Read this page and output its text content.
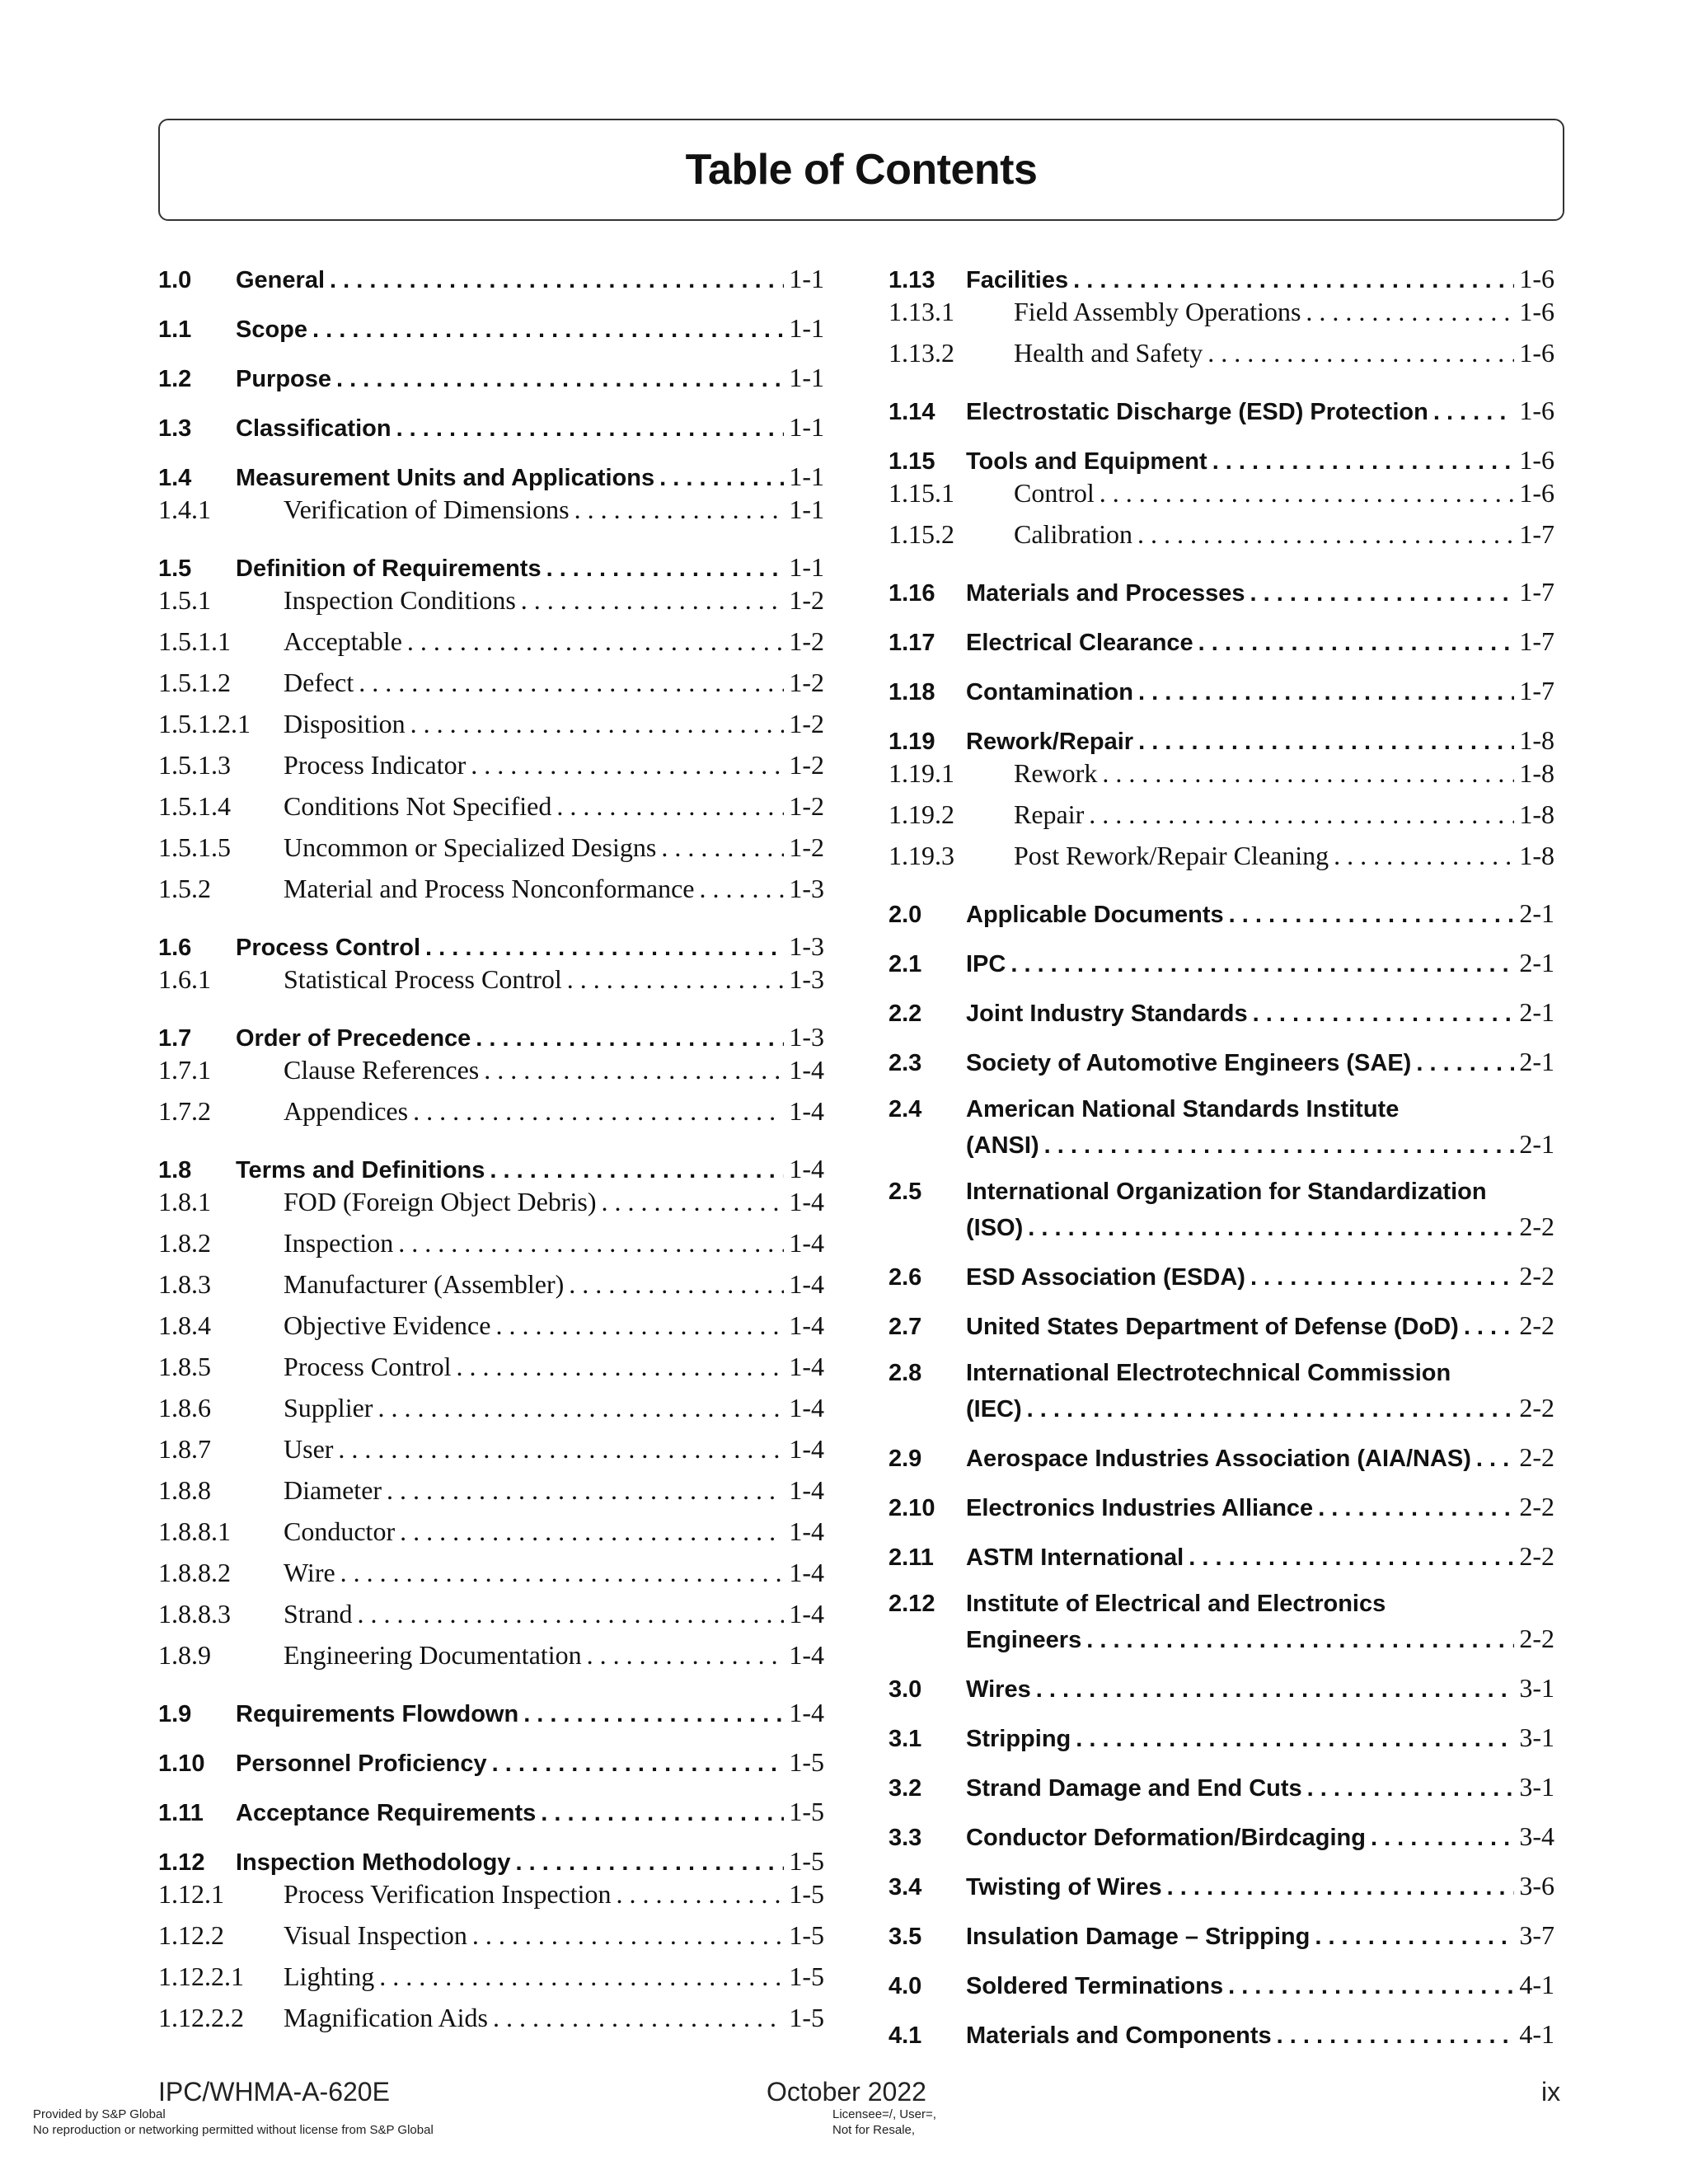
Table of Contents
1.0	General . . .	1-1
1.1	Scope . . .	1-1
1.2	Purpose . . .	1-1
1.3	Classification . . .	1-1
1.4	Measurement Units and Applications . . .	1-1
1.4.1	Verification of Dimensions . . .	1-1
1.5	Definition of Requirements . . .	1-1
1.5.1	Inspection Conditions . . .	1-2
1.5.1.1	Acceptable . . .	1-2
1.5.1.2	Defect . . .	1-2
1.5.1.2.1	Disposition . . .	1-2
1.5.1.3	Process Indicator . . .	1-2
1.5.1.4	Conditions Not Specified . . .	1-2
1.5.1.5	Uncommon or Specialized Designs . . .	1-2
1.5.2	Material and Process Nonconformance . . .	1-3
1.6	Process Control . . .	1-3
1.6.1	Statistical Process Control . . .	1-3
1.7	Order of Precedence . . .	1-3
1.7.1	Clause References . . .	1-4
1.7.2	Appendices . . .	1-4
1.8	Terms and Definitions . . .	1-4
1.8.1	FOD (Foreign Object Debris) . . .	1-4
1.8.2	Inspection . . .	1-4
1.8.3	Manufacturer (Assembler) . . .	1-4
1.8.4	Objective Evidence . . .	1-4
1.8.5	Process Control . . .	1-4
1.8.6	Supplier . . .	1-4
1.8.7	User . . .	1-4
1.8.8	Diameter . . .	1-4
1.8.8.1	Conductor . . .	1-4
1.8.8.2	Wire . . .	1-4
1.8.8.3	Strand . . .	1-4
1.8.9	Engineering Documentation . . .	1-4
1.9	Requirements Flowdown . . .	1-4
1.10	Personnel Proficiency . . .	1-5
1.11	Acceptance Requirements . . .	1-5
1.12	Inspection Methodology . . .	1-5
1.12.1	Process Verification Inspection . . .	1-5
1.12.2	Visual Inspection . . .	1-5
1.12.2.1	Lighting . . .	1-5
1.12.2.2	Magnification Aids . . .	1-5
1.13	Facilities . . .	1-6
1.13.1	Field Assembly Operations . . .	1-6
1.13.2	Health and Safety . . .	1-6
1.14	Electrostatic Discharge (ESD) Protection . . .	1-6
1.15	Tools and Equipment . . .	1-6
1.15.1	Control . . .	1-6
1.15.2	Calibration . . .	1-7
1.16	Materials and Processes . . .	1-7
1.17	Electrical Clearance . . .	1-7
1.18	Contamination . . .	1-7
1.19	Rework/Repair . . .	1-8
1.19.1	Rework . . .	1-8
1.19.2	Repair . . .	1-8
1.19.3	Post Rework/Repair Cleaning . . .	1-8
2.0	Applicable Documents . . .	2-1
2.1	IPC . . .	2-1
2.2	Joint Industry Standards . . .	2-1
2.3	Society of Automotive Engineers (SAE) . . .	2-1
2.4	American National Standards Institute
(ANSI) . . .	2-1
2.5	International Organization for Standardization
(ISO) . . .	2-2
2.6	ESD Association (ESDA) . . .	2-2
2.7	United States Department of Defense (DoD) . . . 2-2
2.8	International Electrotechnical Commission
(IEC) . . .	2-2
2.9	Aerospace Industries Association (AIA/NAS) . . . 2-2
2.10	Electronics Industries Alliance . . .	2-2
2.11	ASTM International . . .	2-2
2.12	Institute of Electrical and Electronics
Engineers . . .	2-2
3.0	Wires . . .	3-1
3.1	Stripping . . .	3-1
3.2	Strand Damage and End Cuts . . .	3-1
3.3	Conductor Deformation/Birdcaging . . .	3-4
3.4	Twisting of Wires . . .	3-6
3.5	Insulation Damage – Stripping . . .	3-7
4.0	Soldered Terminations . . .	4-1
4.1	Materials and Components . . .	4-1
IPC/WHMA-A-620E	October 2022	ix
Provided by S&P Global
No reproduction or networking permitted without license from S&P Global
Licensee=/, User=,
Not for Resale,
